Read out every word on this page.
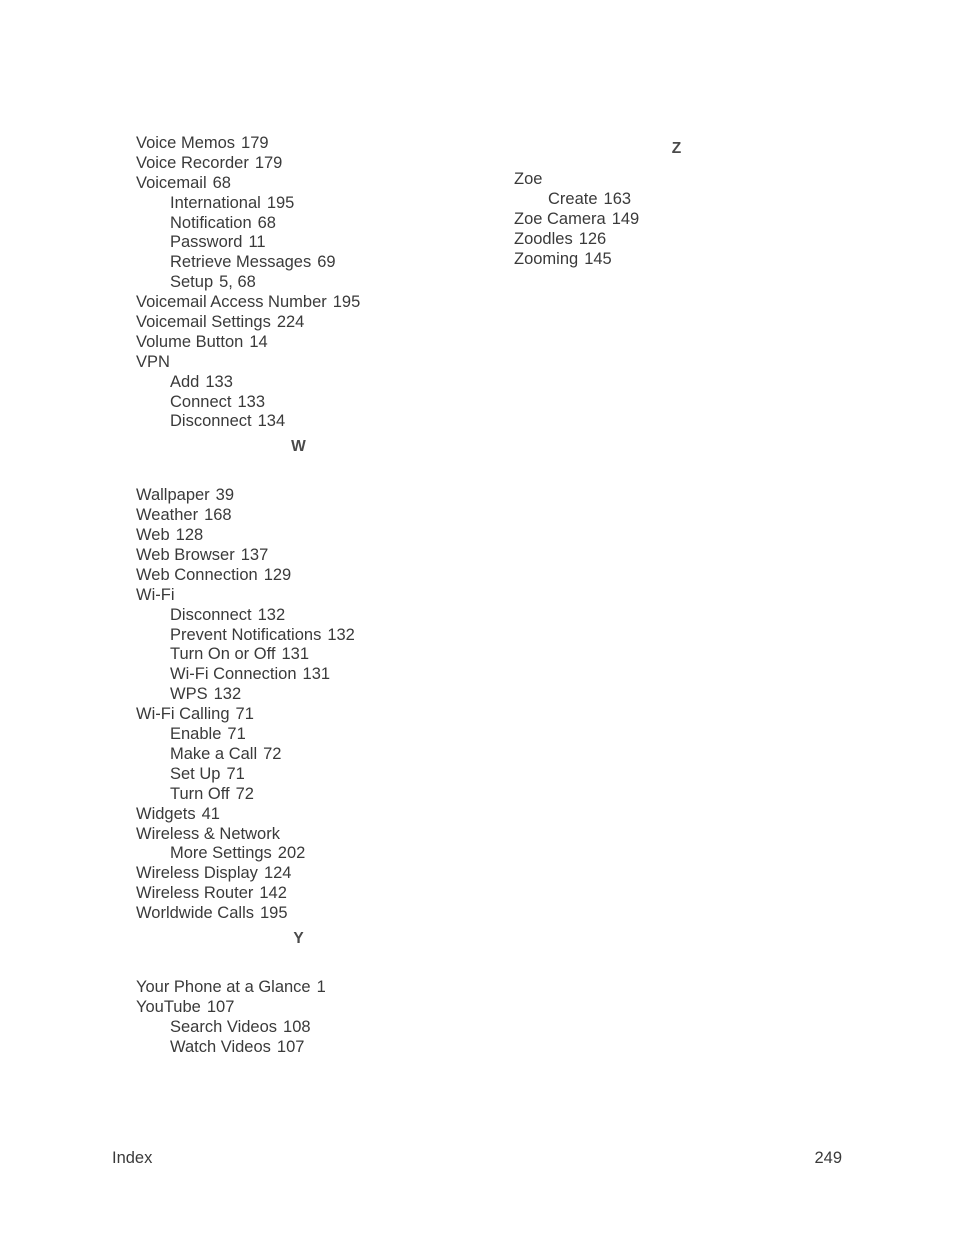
Voice Memos 179
Voice Recorder 179
Voicemail 68
International 195
Notification 68
Password 11
Retrieve Messages 69
Setup 5, 68
Voicemail Access Number 195
Voicemail Settings 224
Volume Button 14
VPN
Add 133
Connect 133
Disconnect 134
W
Wallpaper 39
Weather 168
Web 128
Web Browser 137
Web Connection 129
Wi-Fi
Disconnect 132
Prevent Notifications 132
Turn On or Off 131
Wi-Fi Connection 131
WPS 132
Wi-Fi Calling 71
Enable 71
Make a Call 72
Set Up 71
Turn Off 72
Widgets 41
Wireless & Network
More Settings 202
Wireless Display 124
Wireless Router 142
Worldwide Calls 195
Y
Your Phone at a Glance 1
YouTube 107
Search Videos 108
Watch Videos 107
Z
Zoe
Create 163
Zoe Camera 149
Zoodles 126
Zooming 145
Index	249
